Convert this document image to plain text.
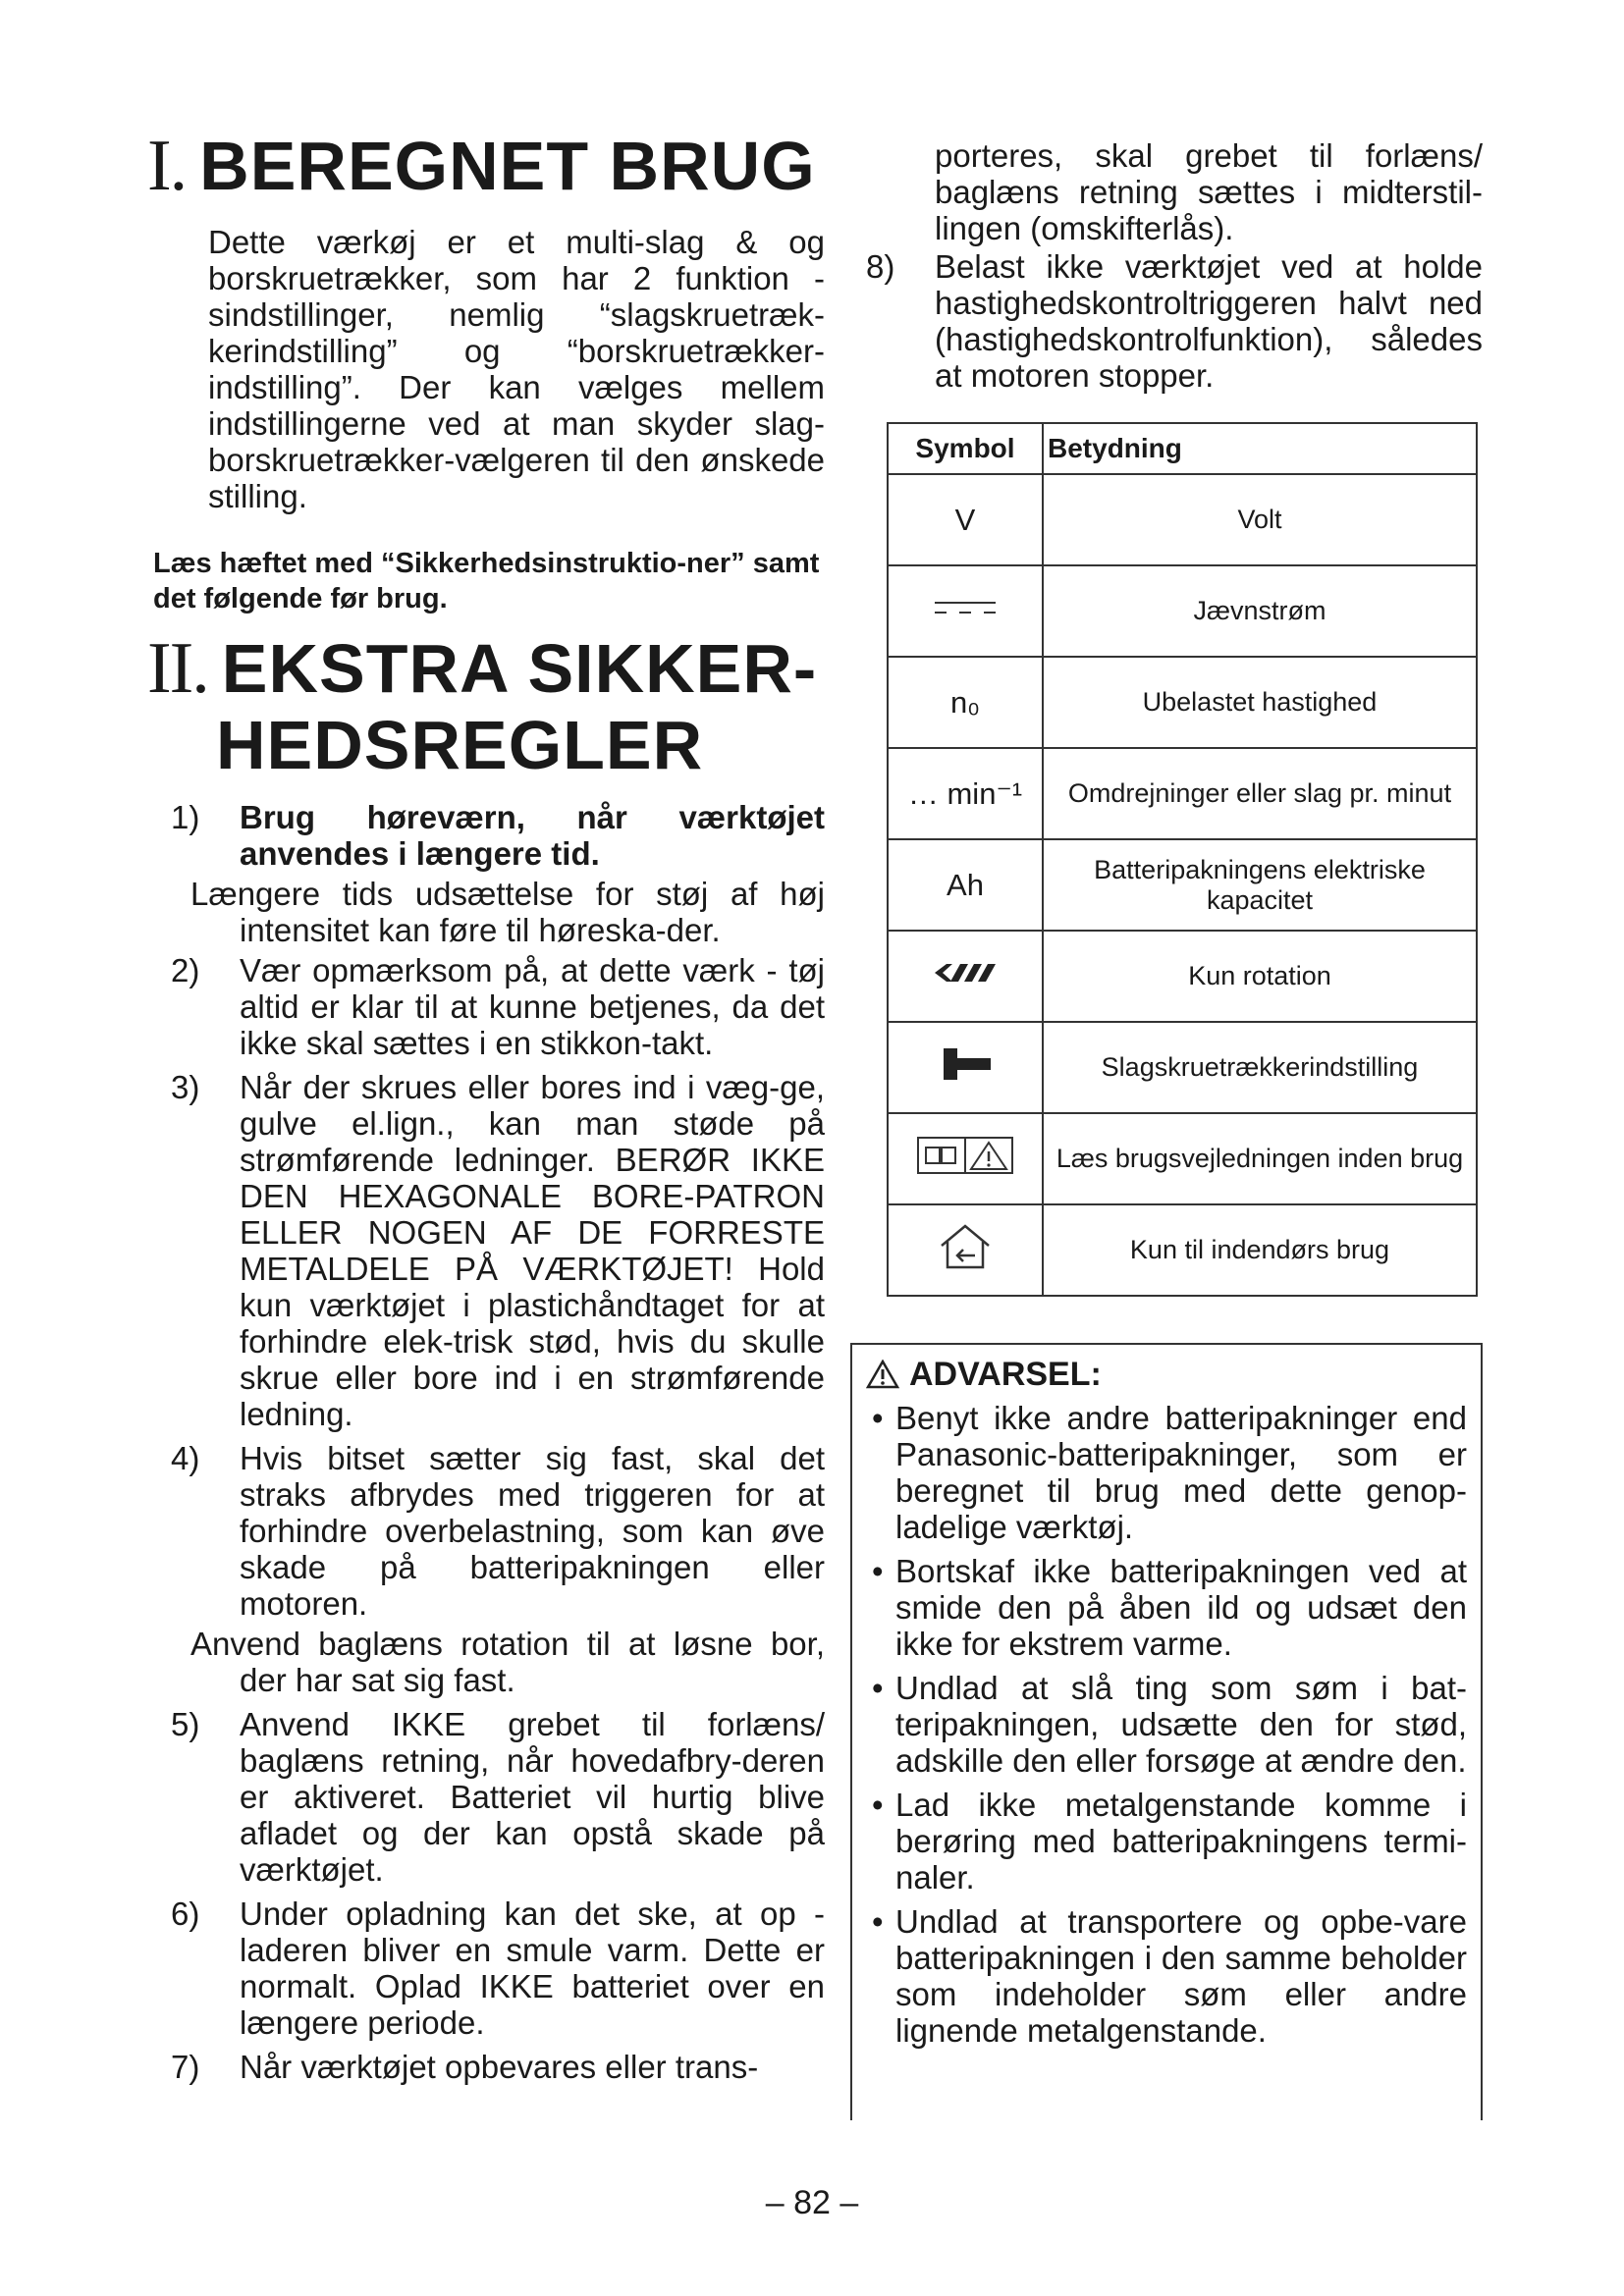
I. BEREGNET BRUG

Dette værkøj er et multi-slag & og borskruetrækker, som har 2 funktion - sindstillinger, nemlig “slagskruetræk-kerindstilling” og “borskruetrækker-indstilling”. Der kan vælges mellem indstillingerne ved at man skyder slag-borskruetrækker-vælgeren til den ønskede stilling.

Læs hæftet med “Sikkerhedsinstruktio-ner” samt det følgende før brug.

II. EKSTRA SIKKER-
HEDSREGLER
1) Brug høreværn, når værktøjet anvendes i længere tid.
Længere tids udsættelse for støj af høj intensitet kan føre til høreska-der.
2) Vær opmærksom på, at dette værk - tøj altid er klar til at kunne betjenes, da det ikke skal sættes i en stikkon-takt.
3) Når der skrues eller bores ind i væg-ge, gulve el.lign., kan man støde på strømførende ledninger. BERØR IKKE DEN HEXAGONALE BORE-PATRON ELLER NOGEN AF DE FORRESTE METALDELE PÅ VÆRKTØJET! Hold kun værktøjet i plastichåndtaget for at forhindre elek-trisk stød, hvis du skulle skrue eller bore ind i en strømførende ledning.
4) Hvis bitset sætter sig fast, skal det straks afbrydes med triggeren for at forhindre overbelastning, som kan øve skade på batteripakningen eller motoren.
Anvend baglæns rotation til at løsne bor, der har sat sig fast.
5) Anvend IKKE grebet til forlæns/ baglæns retning, når hovedafbry-deren er aktiveret. Batteriet vil hurtig blive afladet og der kan opstå skade på værktøjet.
6) Under opladning kan det ske, at op - laderen bliver en smule varm. Dette er normalt. Oplad IKKE batteriet over en længere periode.
7) Når værktøjet opbevares eller trans-
porteres, skal grebet til forlæns/ baglæns retning sættes i midterstil-lingen (omskifterlås).
8) Belast ikke værktøjet ved at holde hastighedskontroltriggeren halvt ned (hastighedskontrolfunktion), således at motoren stopper.
Symbol	Betydning
V	Volt
	Jævnstrøm
n₀	Ubelastet hastighed
… min⁻¹	Omdrejninger eller slag pr. minut
Ah	Batteripakningens elektriske kapacitet
	Kun rotation
	Slagskruetrækkerindstilling
	Læs brugsvejledningen inden brug
	Kun til indendørs brug
ADVARSEL:
• Benyt ikke andre batteripakninger end Panasonic-batteripakninger, som er beregnet til brug med dette genop-ladelige værktøj.
• Bortskaf ikke batteripakningen ved at smide den på åben ild og udsæt den ikke for ekstrem varme.
• Undlad at slå ting som søm i bat-teripakningen, udsætte den for stød, adskille den eller forsøge at ændre den.
• Lad ikke metalgenstande komme i berøring med batteripakningens termi-naler.
• Undlad at transportere og opbe-vare batteripakningen i den samme beholder som indeholder søm eller andre lignende metalgenstande.
– 82 –
